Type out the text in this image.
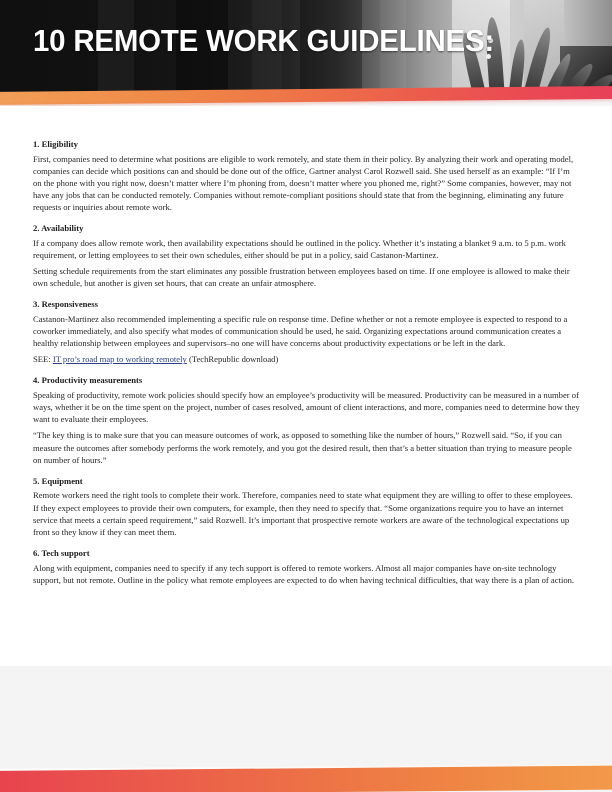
10 REMOTE WORK GUIDELINES:

1. Eligibility

First, companies need to determine what positions are eligible to work remotely, and state them in their policy. By analyzing their work and operating model, companies can decide which positions can and should be done out of the office, Gartner analyst Carol Rozwell said. She used herself as an example: “If I’m on the phone with you right now, doesn’t matter where I’m phoning from, doesn’t matter where you phoned me, right?” Some companies, however, may not have any jobs that can be conducted remotely. Companies without remote-compliant positions should state that from the beginning, eliminating any future requests or inquiries about remote work.

2. Availability

If a company does allow remote work, then availability expectations should be outlined in the policy. Whether it’s instating a blanket 9 a.m. to 5 p.m. work requirement, or letting employees to set their own schedules, either should be put in a policy, said Castanon-Martinez.

Setting schedule requirements from the start eliminates any possible frustration between employees based on time. If one employee is allowed to make their own schedule, but another is given set hours, that can create an unfair atmosphere.

3. Responsiveness

Castanon-Martinez also recommended implementing a specific rule on response time. Define whether or not a remote employee is expected to respond to a coworker immediately, and also specify what modes of communication should be used, he said. Organizing expectations around communication creates a healthy relationship between employees and supervisors–no one will have concerns about productivity expectations or be left in the dark.

SEE: IT pro’s road map to working remotely (TechRepublic download)

4. Productivity measurements

Speaking of productivity, remote work policies should specify how an employee’s productivity will be measured. Productivity can be measured in a number of ways, whether it be on the time spent on the project, number of cases resolved, amount of client interactions, and more, companies need to determine how they want to evaluate their employees.

“The key thing is to make sure that you can measure outcomes of work, as opposed to something like the number of hours,” Rozwell said. “So, if you can measure the outcomes after somebody performs the work remotely, and you got the desired result, then that’s a better situation than trying to measure people on number of hours.”

5. Equipment

Remote workers need the right tools to complete their work. Therefore, companies need to state what equipment they are willing to offer to these employees. If they expect employees to provide their own computers, for example, then they need to specify that. “Some organizations require you to have an internet service that meets a certain speed requirement,” said Rozwell. It’s important that prospective remote workers are aware of the technological expectations up front so they know if they can meet them.

6. Tech support

Along with equipment, companies need to specify if any tech support is offered to remote workers. Almost all major companies have on-site technology support, but not remote. Outline in the policy what remote employees are expected to do when having technical difficulties, that way there is a plan of action.
